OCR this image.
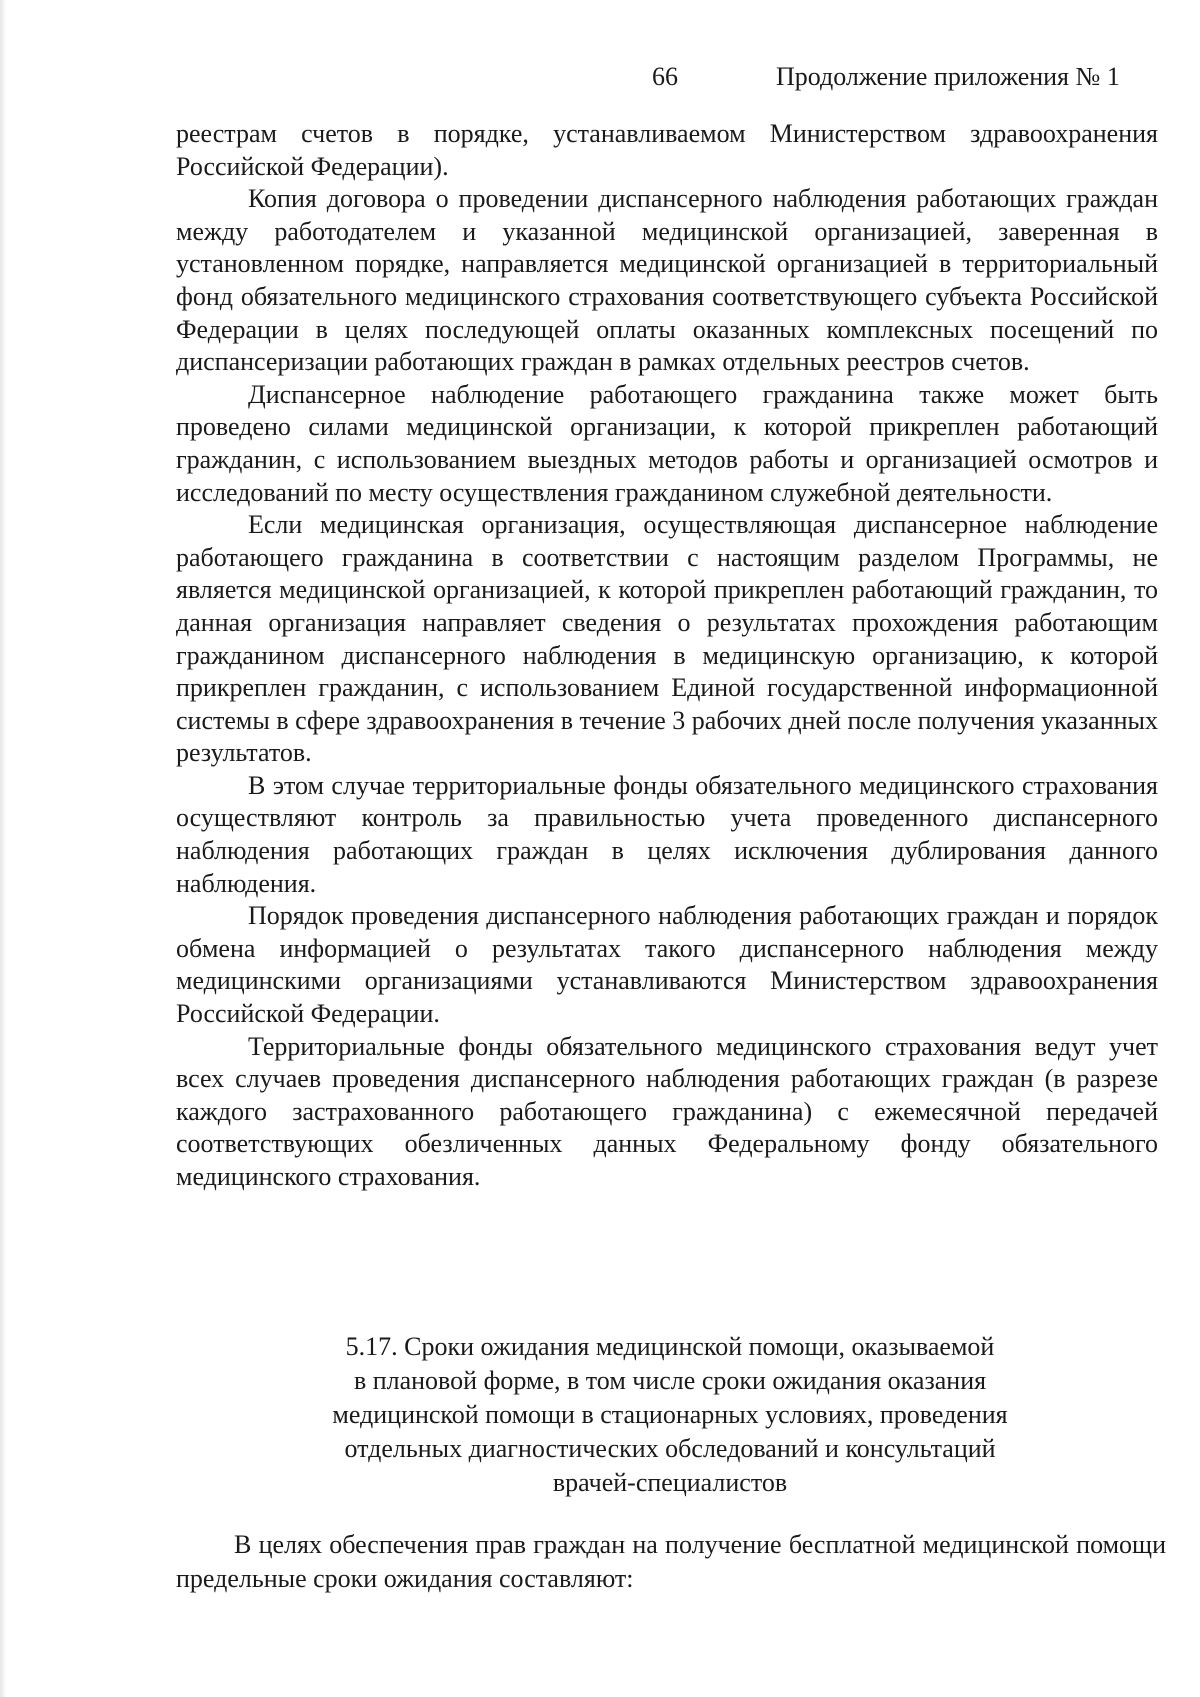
66	Продолжение приложения № 1

реестрам счетов в порядке, устанавливаемом Министерством здравоохранения Российской Федерации).

Копия договора о проведении диспансерного наблюдения работающих граждан между работодателем и указанной медицинской организацией, заверенная в установленном порядке, направляется медицинской организацией в территориальный фонд обязательного медицинского страхования соответствующего субъекта Российской Федерации в целях последующей оплаты оказанных комплексных посещений по диспансеризации работающих граждан в рамках отдельных реестров счетов.

Диспансерное наблюдение работающего гражданина также может быть проведено силами медицинской организации, к которой прикреплен работающий гражданин, с использованием выездных методов работы и организацией осмотров и исследований по месту осуществления гражданином служебной деятельности.

Если медицинская организация, осуществляющая диспансерное наблюдение работающего гражданина в соответствии с настоящим разделом Программы, не является медицинской организацией, к которой прикреплен работающий гражданин, то данная организация направляет сведения о результатах прохождения работающим гражданином диспансерного наблюдения в медицинскую организацию, к которой прикреплен гражданин, с использованием Единой государственной информационной системы в сфере здравоохранения в течение 3 рабочих дней после получения указанных результатов.

В этом случае территориальные фонды обязательного медицинского страхования осуществляют контроль за правильностью учета проведенного диспансерного наблюдения работающих граждан в целях исключения дублирования данного наблюдения.

Порядок проведения диспансерного наблюдения работающих граждан и порядок обмена информацией о результатах такого диспансерного наблюдения между медицинскими организациями устанавливаются Министерством здравоохранения Российской Федерации.

Территориальные фонды обязательного медицинского страхования ведут учет всех случаев проведения диспансерного наблюдения работающих граждан (в разрезе каждого застрахованного работающего гражданина) с ежемесячной передачей соответствующих обезличенных данных Федеральному фонду обязательного медицинского страхования.

5.17. Сроки ожидания медицинской помощи, оказываемой
в плановой форме, в том числе сроки ожидания оказания
медицинской помощи в стационарных условиях, проведения
отдельных диагностических обследований и консультаций
врачей-специалистов
В целях обеспечения прав граждан на получение бесплатной медицинской помощи предельные сроки ожидания составляют:
